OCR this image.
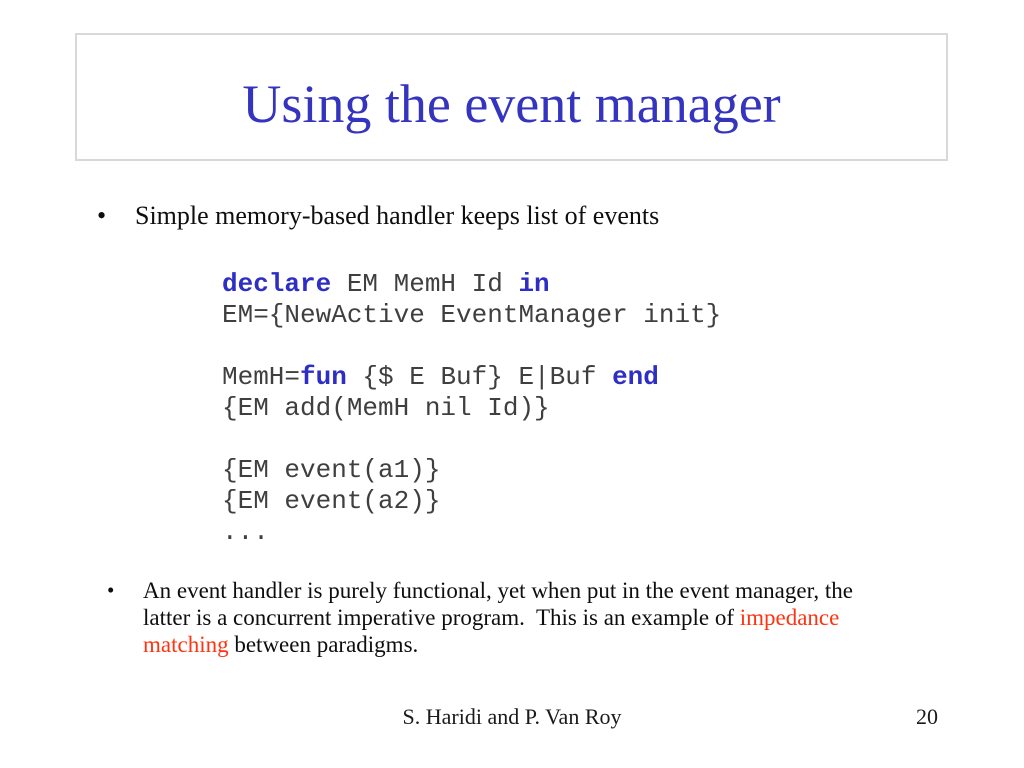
Using the event manager
•	Simple memory-based handler keeps list of events
declare EM MemH Id in
EM={NewActive EventManager init}

MemH=fun {$ E Buf} E|Buf end
{EM add(MemH nil Id)}

{EM event(a1)}
{EM event(a2)}
...
•	An event handler is purely functional, yet when put in the event manager, the
latter is a concurrent imperative program.  This is an example of impedance
matching between paradigms.
S. Haridi and P. Van Roy	20
